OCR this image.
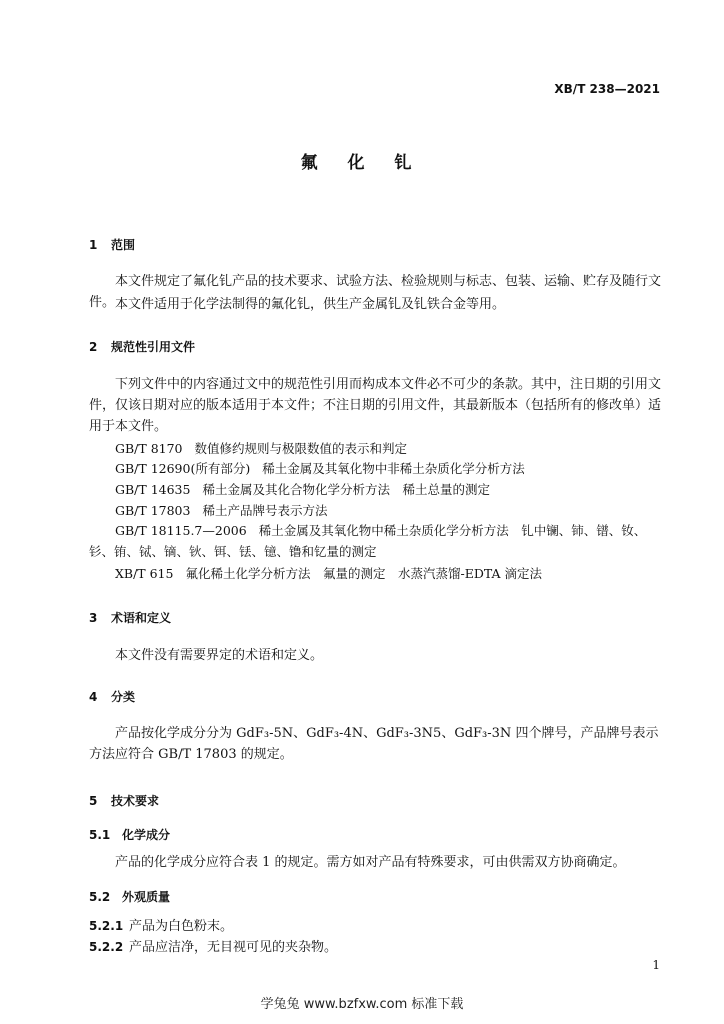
XB/T 238—2021
氟 化 钆
1 范围
本文件规定了氟化钆产品的技术要求、试验方法、检验规则与标志、包装、运输、贮存及随行文件。 本文件适用于化学法制得的氟化钆，供生产金属钆及钆铁合金等用。
2 规范性引用文件
下列文件中的内容通过文中的规范性引用而构成本文件必不可少的条款。其中，注日期的引用文件，仅该日期对应的版本适用于本文件；不注日期的引用文件，其最新版本（包括所有的修改单）适用于本文件。
GB/T 8170 数值修约规则与极限数值的表示和判定
GB/T 12690(所有部分) 稀土金属及其氧化物中非稀土杂质化学分析方法
GB/T 14635 稀土金属及其化合物化学分析方法　稀土总量的测定
GB/T 17803 稀土产品牌号表示方法
GB/T 18115.7—2006 稀土金属及其氧化物中稀土杂质化学分析方法　钆中镧、铈、镨、钕、钐、铕、铽、镝、钬、铒、铥、镱、镥和钇量的测定
XB/T 615 氟化稀土化学分析方法　氟量的测定　水蒸汽蒸馏-EDTA 滴定法
3 术语和定义
本文件没有需要界定的术语和定义。
4 分类
产品按化学成分分为 GdF₃-5N、GdF₃-4N、GdF₃-3N5、GdF₃-3N 四个牌号，产品牌号表示方法应符合 GB/T 17803 的规定。
5 技术要求
5.1 化学成分
产品的化学成分应符合表 1 的规定。需方如对产品有特殊要求，可由供需双方协商确定。
5.2 外观质量
5.2.1 产品为白色粉末。
5.2.2 产品应洁净，无目视可见的夹杂物。
1
学兔兔 www.bzfxw.com 标准下载
